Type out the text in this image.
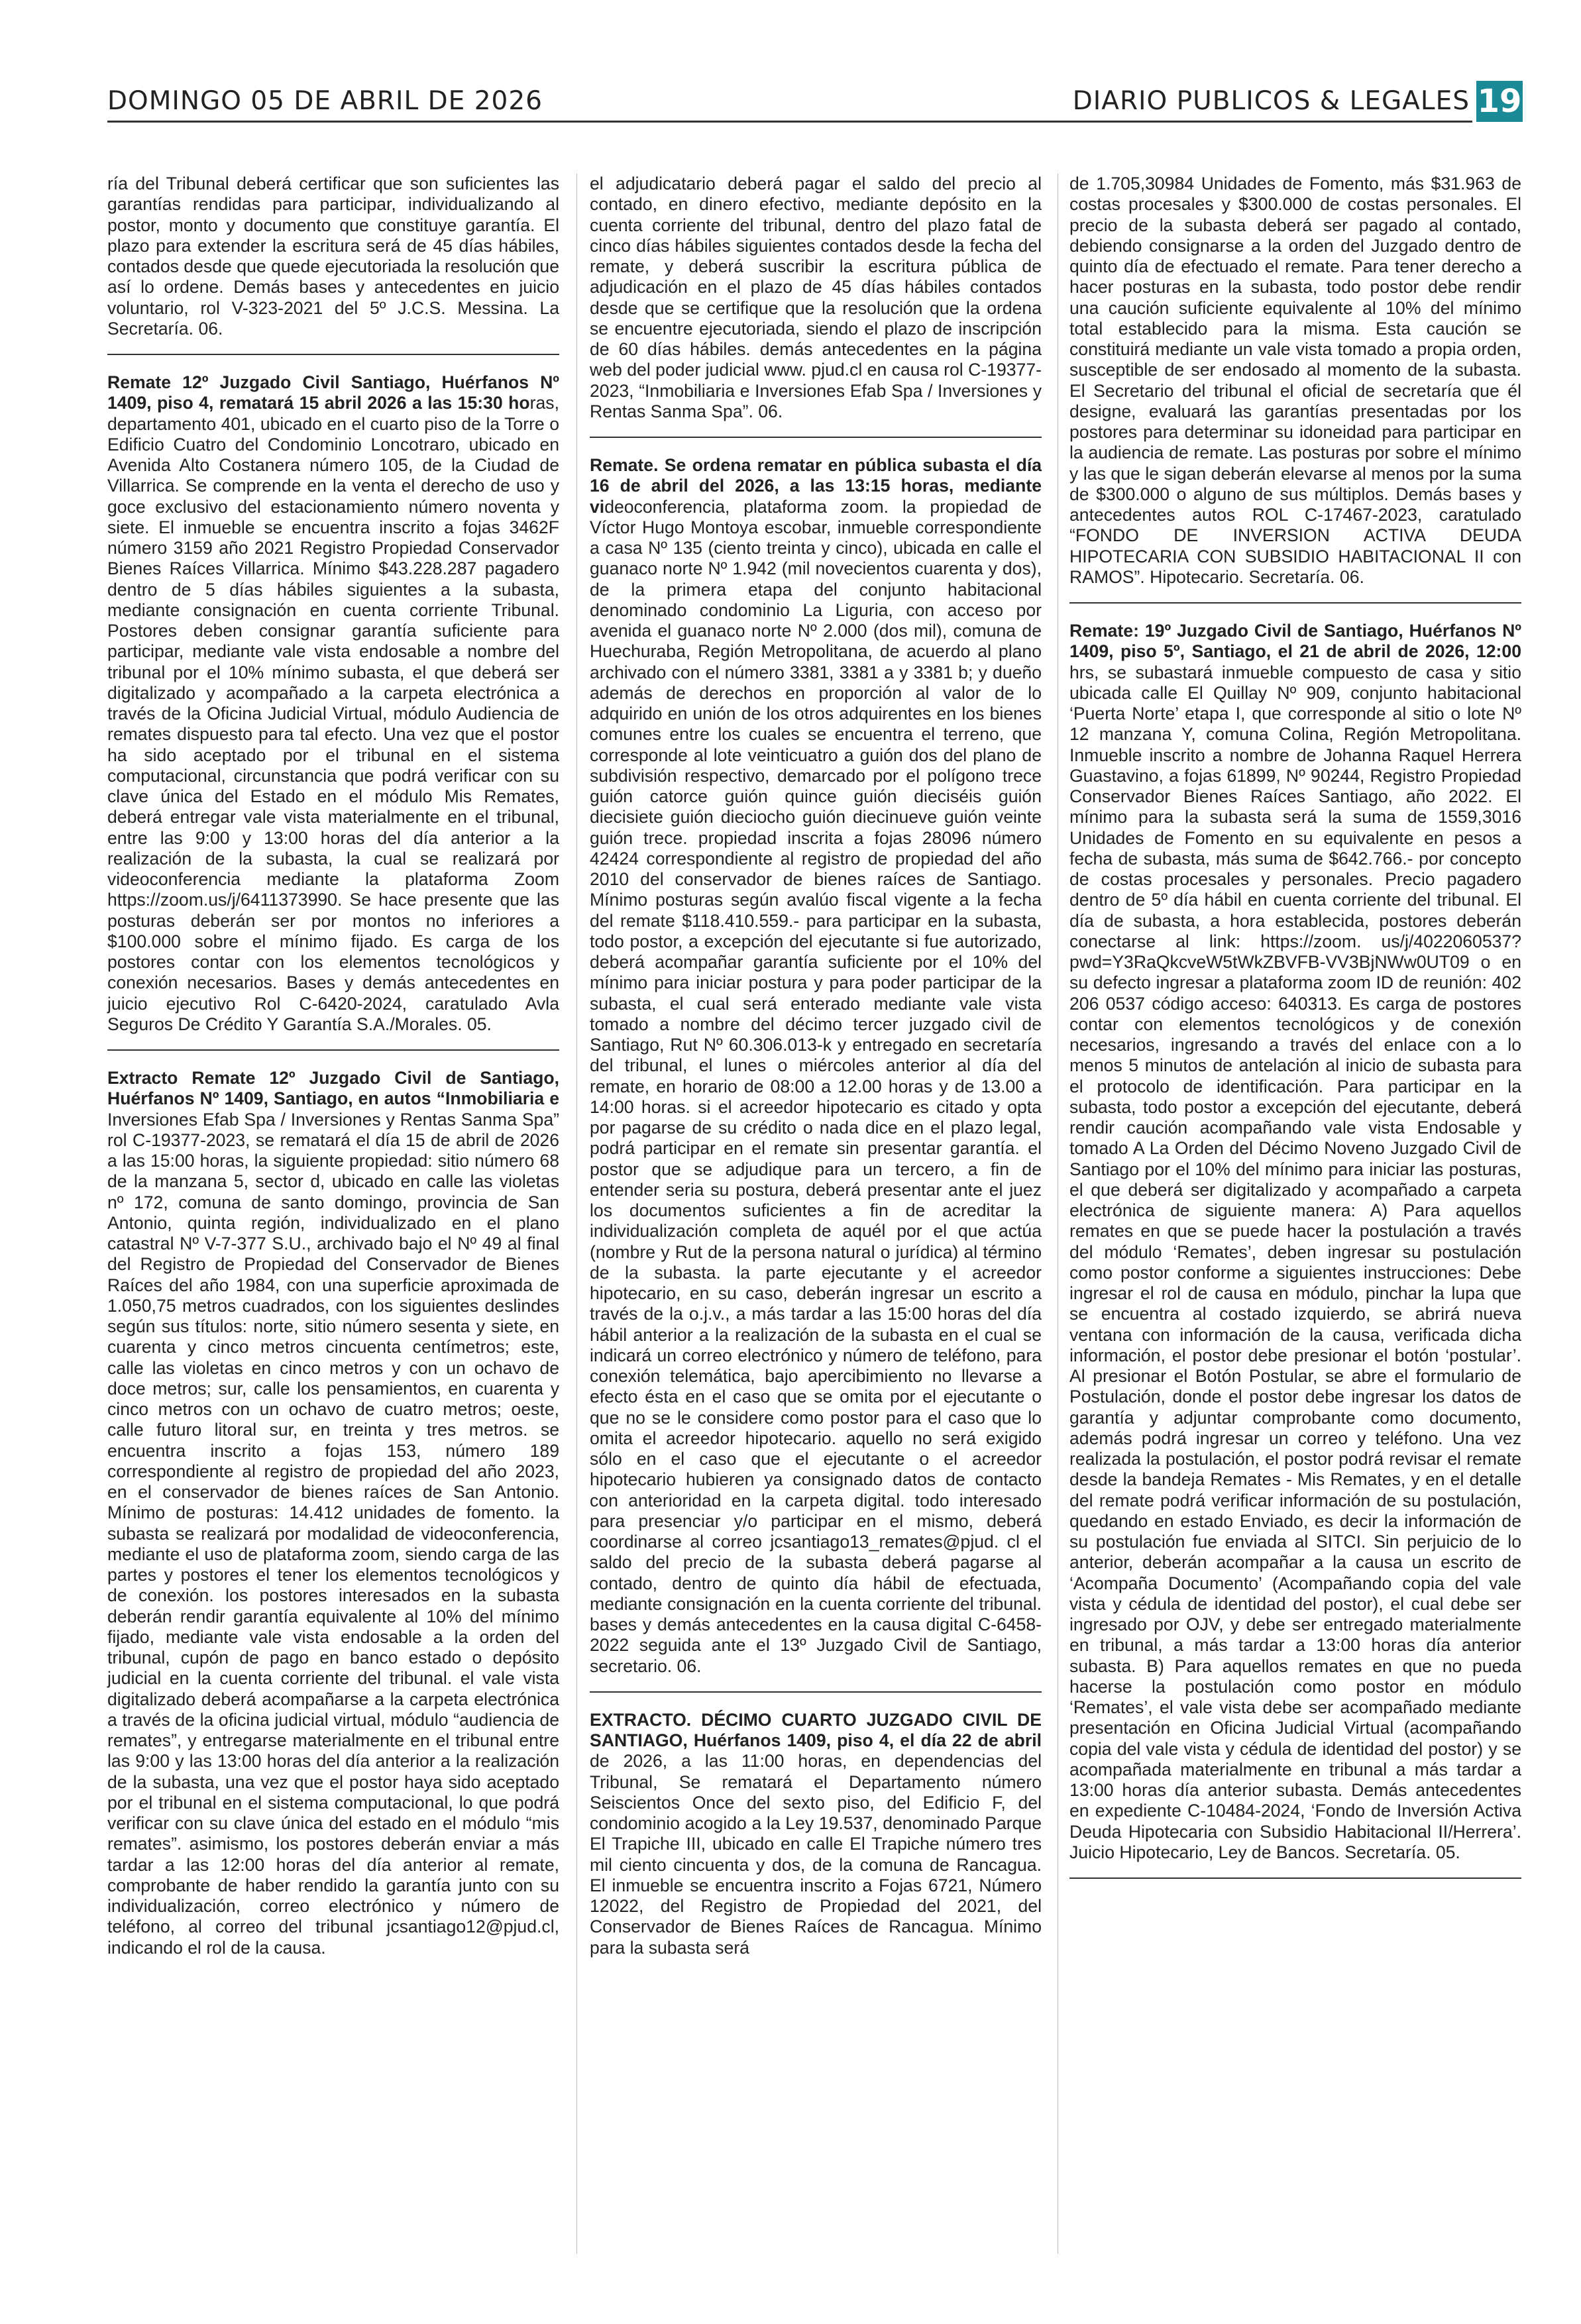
DOMINGO 05 DE ABRIL DE 2026	DIARIO PUBLICOS & LEGALES 19

ría del Tribunal deberá certificar que son suficientes las garantías rendidas para participar, individualizando al postor, monto y documento que constituye garantía. El plazo para extender la escritura será de 45 días hábiles, contados desde que quede ejecutoriada la resolución que así lo ordene. Demás bases y antecedentes en juicio voluntario, rol V-323-2021 del 5º J.C.S. Messina. La Secretaría. 06.

Remate 12º Juzgado Civil Santiago, Huérfanos Nº 1409, piso 4, rematará 15 abril 2026 a las 15:30 horas, departamento 401, ubicado en el cuarto piso de la Torre o Edificio Cuatro del Condominio Loncotraro, ubicado en Avenida Alto Costanera número 105, de la Ciudad de Villarrica. Se comprende en la venta el derecho de uso y goce exclusivo del estacionamiento número noventa y siete. El inmueble se encuentra inscrito a fojas 3462F número 3159 año 2021 Registro Propiedad Conservador Bienes Raíces Villarrica. Mínimo $43.228.287 pagadero dentro de 5 días hábiles siguientes a la subasta, mediante consignación en cuenta corriente Tribunal. Postores deben consignar garantía suficiente para participar, mediante vale vista endosable a nombre del tribunal por el 10% mínimo subasta, el que deberá ser digitalizado y acompañado a la carpeta electrónica a través de la Oficina Judicial Virtual, módulo Audiencia de remates dispuesto para tal efecto. Una vez que el postor ha sido aceptado por el tribunal en el sistema computacional, circunstancia que podrá verificar con su clave única del Estado en el módulo Mis Remates, deberá entregar vale vista materialmente en el tribunal, entre las 9:00 y 13:00 horas del día anterior a la realización de la subasta, la cual se realizará por videoconferencia mediante la plataforma Zoom https://zoom.us/j/6411373990. Se hace presente que las posturas deberán ser por montos no inferiores a $100.000 sobre el mínimo fijado. Es carga de los postores contar con los elementos tecnológicos y conexión necesarios. Bases y demás antecedentes en juicio ejecutivo Rol C-6420-2024, caratulado Avla Seguros De Crédito Y Garantía S.A./Morales. 05.

Extracto Remate 12º Juzgado Civil de Santiago, Huérfanos Nº 1409, Santiago, en autos “Inmobiliaria e Inversiones Efab Spa / Inversiones y Rentas Sanma Spa” rol C-19377-2023, se rematará el día 15 de abril de 2026 a las 15:00 horas, la siguiente propiedad: sitio número 68 de la manzana 5, sector d, ubicado en calle las violetas nº 172, comuna de santo domingo, provincia de San Antonio, quinta región, individualizado en el plano catastral Nº V-7-377 S.U., archivado bajo el Nº 49 al final del Registro de Propiedad del Conservador de Bienes Raíces del año 1984, con una superficie aproximada de 1.050,75 metros cuadrados, con los siguientes deslindes según sus títulos: norte, sitio número sesenta y siete, en cuarenta y cinco metros cincuenta centímetros; este, calle las violetas en cinco metros y con un ochavo de doce metros; sur, calle los pensamientos, en cuarenta y cinco metros con un ochavo de cuatro metros; oeste, calle futuro litoral sur, en treinta y tres metros. se encuentra inscrito a fojas 153, número 189 correspondiente al registro de propiedad del año 2023, en el conservador de bienes raíces de San Antonio. Mínimo de posturas: 14.412 unidades de fomento. la subasta se realizará por modalidad de videoconferencia, mediante el uso de plataforma zoom, siendo carga de las partes y postores el tener los elementos tecnológicos y de conexión. los postores interesados en la subasta deberán rendir garantía equivalente al 10% del mínimo fijado, mediante vale vista endosable a la orden del tribunal, cupón de pago en banco estado o depósito judicial en la cuenta corriente del tribunal. el vale vista digitalizado deberá acompañarse a la carpeta electrónica a través de la oficina judicial virtual, módulo “audiencia de remates”, y entregarse materialmente en el tribunal entre las 9:00 y las 13:00 horas del día anterior a la realización de la subasta, una vez que el postor haya sido aceptado por el tribunal en el sistema computacional, lo que podrá verificar con su clave única del estado en el módulo “mis remates”. asimismo, los postores deberán enviar a más tardar a las 12:00 horas del día anterior al remate, comprobante de haber rendido la garantía junto con su individualización, correo electrónico y número de teléfono, al correo del tribunal jcsantiago12@pjud.cl, indicando el rol de la causa.

el adjudicatario deberá pagar el saldo del precio al contado, en dinero efectivo, mediante depósito en la cuenta corriente del tribunal, dentro del plazo fatal de cinco días hábiles siguientes contados desde la fecha del remate, y deberá suscribir la escritura pública de adjudicación en el plazo de 45 días hábiles contados desde que se certifique que la resolución que la ordena se encuentre ejecutoriada, siendo el plazo de inscripción de 60 días hábiles. demás antecedentes en la página web del poder judicial www. pjud.cl en causa rol C-19377-2023, “Inmobiliaria e Inversiones Efab Spa / Inversiones y Rentas Sanma Spa”. 06.

Remate. Se ordena rematar en pública subasta el día 16 de abril del 2026, a las 13:15 horas, mediante videoconferencia, plataforma zoom. la propiedad de Víctor Hugo Montoya escobar, inmueble correspondiente a casa Nº 135 (ciento treinta y cinco), ubicada en calle el guanaco norte Nº 1.942 (mil novecientos cuarenta y dos), de la primera etapa del conjunto habitacional denominado condominio La Liguria, con acceso por avenida el guanaco norte Nº 2.000 (dos mil), comuna de Huechuraba, Región Metropolitana, de acuerdo al plano archivado con el número 3381, 3381 a y 3381 b; y dueño además de derechos en proporción al valor de lo adquirido en unión de los otros adquirentes en los bienes comunes entre los cuales se encuentra el terreno, que corresponde al lote veinticuatro a guión dos del plano de subdivisión respectivo, demarcado por el polígono trece guión catorce guión quince guión dieciséis guión diecisiete guión dieciocho guión diecinueve guión veinte guión trece. propiedad inscrita a fojas 28096 número 42424 correspondiente al registro de propiedad del año 2010 del conservador de bienes raíces de Santiago. Mínimo posturas según avalúo fiscal vigente a la fecha del remate $118.410.559.- para participar en la subasta, todo postor, a excepción del ejecutante si fue autorizado, deberá acompañar garantía suficiente por el 10% del mínimo para iniciar postura y para poder participar de la subasta, el cual será enterado mediante vale vista tomado a nombre del décimo tercer juzgado civil de Santiago, Rut Nº 60.306.013-k y entregado en secretaría del tribunal, el lunes o miércoles anterior al día del remate, en horario de 08:00 a 12.00 horas y de 13.00 a 14:00 horas. si el acreedor hipotecario es citado y opta por pagarse de su crédito o nada dice en el plazo legal, podrá participar en el remate sin presentar garantía. el postor que se adjudique para un tercero, a fin de entender seria su postura, deberá presentar ante el juez los documentos suficientes a fin de acreditar la individualización completa de aquél por el que actúa (nombre y Rut de la persona natural o jurídica) al término de la subasta. la parte ejecutante y el acreedor hipotecario, en su caso, deberán ingresar un escrito a través de la o.j.v., a más tardar a las 15:00 horas del día hábil anterior a la realización de la subasta en el cual se indicará un correo electrónico y número de teléfono, para conexión telemática, bajo apercibimiento no llevarse a efecto ésta en el caso que se omita por el ejecutante o que no se le considere como postor para el caso que lo omita el acreedor hipotecario. aquello no será exigido sólo en el caso que el ejecutante o el acreedor hipotecario hubieren ya consignado datos de contacto con anterioridad en la carpeta digital. todo interesado para presenciar y/o participar en el mismo, deberá coordinarse al correo jcsantiago13_remates@pjud. cl el saldo del precio de la subasta deberá pagarse al contado, dentro de quinto día hábil de efectuada, mediante consignación en la cuenta corriente del tribunal. bases y demás antecedentes en la causa digital C-6458-2022 seguida ante el 13º Juzgado Civil de Santiago, secretario. 06.

EXTRACTO. DÉCIMO CUARTO JUZGADO CIVIL DE SANTIAGO, Huérfanos 1409, piso 4, el día 22 de abril de 2026, a las 11:00 horas, en dependencias del Tribunal, Se rematará el Departamento número Seiscientos Once del sexto piso, del Edificio F, del condominio acogido a la Ley 19.537, denominado Parque El Trapiche III, ubicado en calle El Trapiche número tres mil ciento cincuenta y dos, de la comuna de Rancagua. El inmueble se encuentra inscrito a Fojas 6721, Número 12022, del Registro de Propiedad del 2021, del Conservador de Bienes Raíces de Rancagua. Mínimo para la subasta será

de 1.705,30984 Unidades de Fomento, más $31.963 de costas procesales y $300.000 de costas personales. El precio de la subasta deberá ser pagado al contado, debiendo consignarse a la orden del Juzgado dentro de quinto día de efectuado el remate. Para tener derecho a hacer posturas en la subasta, todo postor debe rendir una caución suficiente equivalente al 10% del mínimo total establecido para la misma. Esta caución se constituirá mediante un vale vista tomado a propia orden, susceptible de ser endosado al momento de la subasta. El Secretario del tribunal el oficial de secretaría que él designe, evaluará las garantías presentadas por los postores para determinar su idoneidad para participar en la audiencia de remate. Las posturas por sobre el mínimo y las que le sigan deberán elevarse al menos por la suma de $300.000 o alguno de sus múltiplos. Demás bases y antecedentes autos ROL C-17467-2023, caratulado “FONDO DE INVERSION ACTIVA DEUDA HIPOTECARIA CON SUBSIDIO HABITACIONAL II con RAMOS”. Hipotecario. Secretaría. 06.

Remate: 19º Juzgado Civil de Santiago, Huérfanos Nº 1409, piso 5º, Santiago, el 21 de abril de 2026, 12:00 hrs, se subastará inmueble compuesto de casa y sitio ubicada calle El Quillay Nº 909, conjunto habitacional ‘Puerta Norte’ etapa I, que corresponde al sitio o lote Nº 12 manzana Y, comuna Colina, Región Metropolitana. Inmueble inscrito a nombre de Johanna Raquel Herrera Guastavino, a fojas 61899, Nº 90244, Registro Propiedad Conservador Bienes Raíces Santiago, año 2022. El mínimo para la subasta será la suma de 1559,3016 Unidades de Fomento en su equivalente en pesos a fecha de subasta, más suma de $642.766.- por concepto de costas procesales y personales. Precio pagadero dentro de 5º día hábil en cuenta corriente del tribunal. El día de subasta, a hora establecida, postores deberán conectarse al link: https://zoom. us/j/4022060537?pwd=Y3RaQkcveW5tWkZBVFB-VV3BjNWw0UT09 o en su defecto ingresar a plataforma zoom ID de reunión: 402 206 0537 código acceso: 640313. Es carga de postores contar con elementos tecnológicos y de conexión necesarios, ingresando a través del enlace con a lo menos 5 minutos de antelación al inicio de subasta para el protocolo de identificación. Para participar en la subasta, todo postor a excepción del ejecutante, deberá rendir caución acompañando vale vista Endosable y tomado A La Orden del Décimo Noveno Juzgado Civil de Santiago por el 10% del mínimo para iniciar las posturas, el que deberá ser digitalizado y acompañado a carpeta electrónica de siguiente manera: A) Para aquellos remates en que se puede hacer la postulación a través del módulo ‘Remates’, deben ingresar su postulación como postor conforme a siguientes instrucciones: Debe ingresar el rol de causa en módulo, pinchar la lupa que se encuentra al costado izquierdo, se abrirá nueva ventana con información de la causa, verificada dicha información, el postor debe presionar el botón ‘postular’. Al presionar el Botón Postular, se abre el formulario de Postulación, donde el postor debe ingresar los datos de garantía y adjuntar comprobante como documento, además podrá ingresar un correo y teléfono. Una vez realizada la postulación, el postor podrá revisar el remate desde la bandeja Remates - Mis Remates, y en el detalle del remate podrá verificar información de su postulación, quedando en estado Enviado, es decir la información de su postulación fue enviada al SITCI. Sin perjuicio de lo anterior, deberán acompañar a la causa un escrito de ‘Acompaña Documento’ (Acompañando copia del vale vista y cédula de identidad del postor), el cual debe ser ingresado por OJV, y debe ser entregado materialmente en tribunal, a más tardar a 13:00 horas día anterior subasta. B) Para aquellos remates en que no pueda hacerse la postulación como postor en módulo ‘Remates’, el vale vista debe ser acompañado mediante presentación en Oficina Judicial Virtual (acompañando copia del vale vista y cédula de identidad del postor) y se acompañada materialmente en tribunal a más tardar a 13:00 horas día anterior subasta. Demás antecedentes en expediente C-10484-2024, ‘Fondo de Inversión Activa Deuda Hipotecaria con Subsidio Habitacional II/Herrera’. Juicio Hipotecario, Ley de Bancos. Secretaría. 05.
